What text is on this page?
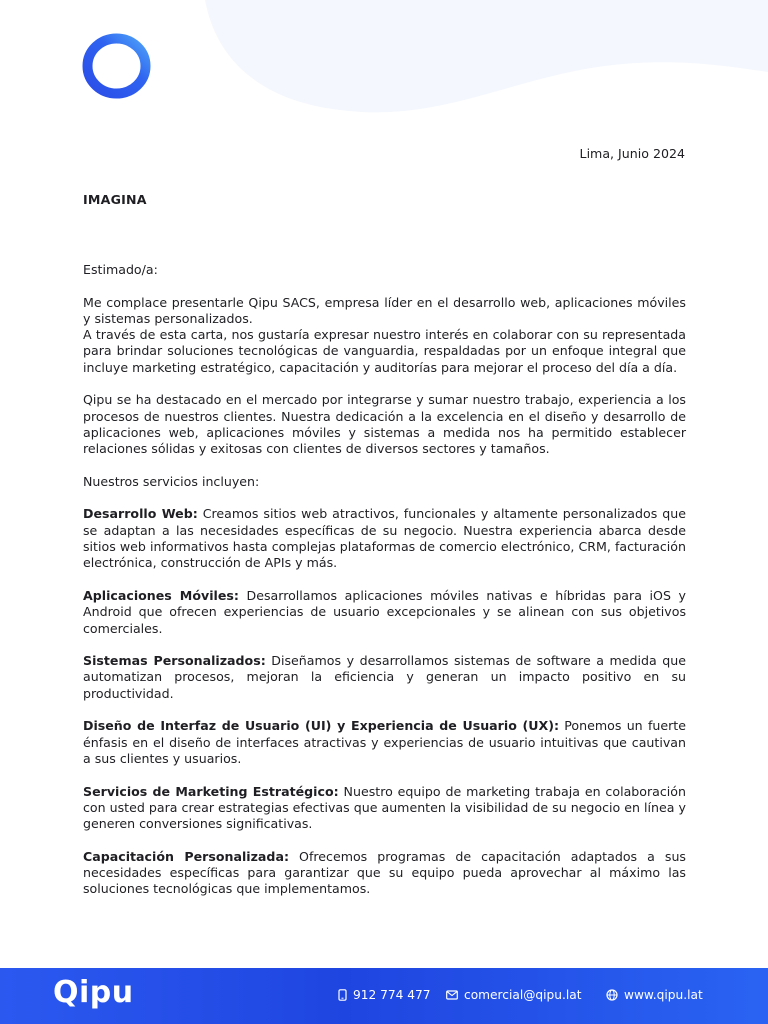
Lima, Junio 2024
IMAGINA

Estimado/a:

Me complace presentarle Qipu SACS, empresa líder en el desarrollo web, aplicaciones móviles y sistemas personalizados.

A través de esta carta, nos gustaría expresar nuestro interés en colaborar con su representada para brindar soluciones tecnológicas de vanguardia, respaldadas por un enfoque integral que incluye marketing estratégico, capacitación y auditorías para mejorar el proceso del día a día.

Qipu se ha destacado en el mercado por integrarse y sumar nuestro trabajo, experiencia a los procesos de nuestros clientes. Nuestra dedicación a la excelencia en el diseño y desarrollo de aplicaciones web, aplicaciones móviles y sistemas a medida nos ha permitido establecer relaciones sólidas y exitosas con clientes de diversos sectores y tamaños.

Nuestros servicios incluyen:

Desarrollo Web: Creamos sitios web atractivos, funcionales y altamente personalizados que se adaptan a las necesidades específicas de su negocio. Nuestra experiencia abarca desde sitios web informativos hasta complejas plataformas de comercio electrónico, CRM, facturación electrónica, construcción de APIs y más.

Aplicaciones Móviles: Desarrollamos aplicaciones móviles nativas e híbridas para iOS y Android que ofrecen experiencias de usuario excepcionales y se alinean con sus objetivos comerciales.

Sistemas Personalizados: Diseñamos y desarrollamos sistemas de software a medida que automatizan procesos, mejoran la eficiencia y generan un impacto positivo en su productividad.

Diseño de Interfaz de Usuario (UI) y Experiencia de Usuario (UX): Ponemos un fuerte énfasis en el diseño de interfaces atractivas y experiencias de usuario intuitivas que cautivan a sus clientes y usuarios.

Servicios de Marketing Estratégico: Nuestro equipo de marketing trabaja en colaboración con usted para crear estrategias efectivas que aumenten la visibilidad de su negocio en línea y generen conversiones significativas.

Capacitación Personalizada: Ofrecemos programas de capacitación adaptados a sus necesidades específicas para garantizar que su equipo pueda aprovechar al máximo las soluciones tecnológicas que implementamos.

Qipu	912 774 477	comercial@qipu.lat	www.qipu.lat
